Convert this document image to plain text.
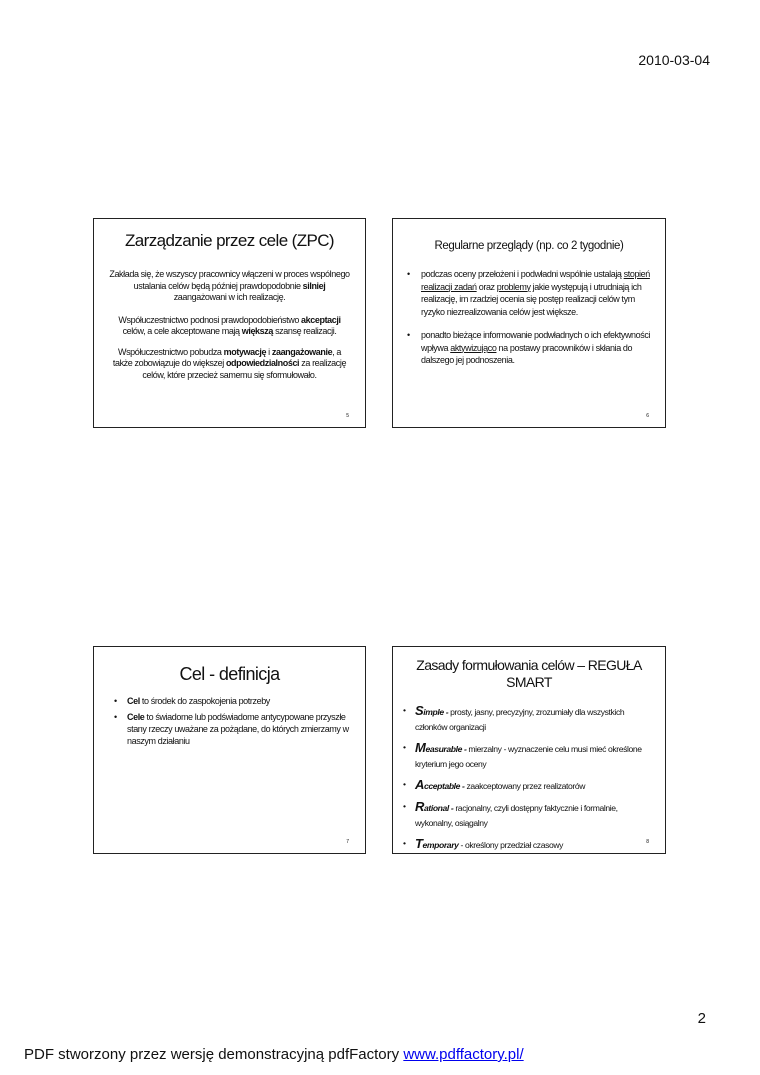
2010-03-04
Zarządzanie przez cele (ZPC)
Zakłada się, że wszyscy pracownicy włączeni w proces wspólnego ustalania celów będą później prawdopodobnie silniej zaangażowani w ich realizację.
Współuczestnictwo podnosi prawdopodobieństwo akceptacji celów, a cele akceptowane mają większą szansę realizacji.
Współuczestnictwo pobudza motywację i zaangażowanie, a także zobowiązuje do większej odpowiedzialności za realizację celów, które przecież samemu się sformułowało.
5
Regularne przeglądy (np. co 2 tygodnie)
• podczas oceny przełożeni i podwładni wspólnie ustalają stopień realizacji zadań oraz problemy jakie występują i utrudniają ich realizację, im rzadziej ocenia się postęp realizacji celów tym ryzyko niezrealizowania celów jest większe.
• ponadto bieżące informowanie podwładnych o ich efektywności wpływa aktywizująco na postawy pracowników i skłania do dalszego jej podnoszenia.
6
Cel - definicja
• Cel to środek do zaspokojenia potrzeby
• Cele to świadome lub podświadome antycypowane przyszłe stany rzeczy uważane za pożądane, do których zmierzamy w naszym działaniu
7
Zasady formułowania celów – REGUŁA SMART
• Simple - prosty, jasny, precyzyjny, zrozumiały dla wszystkich członków organizacji
• Measurable - mierzalny - wyznaczenie celu musi mieć określone kryterium jego oceny
• Acceptable - zaakceptowany przez realizatorów
• Rational - racjonalny, czyli dostępny faktycznie i formalnie, wykonalny, osiągalny
• Temporary - określony przedział czasowy	8
2
PDF stworzony przez wersję demonstracyjną pdfFactory www.pdffactory.pl/
